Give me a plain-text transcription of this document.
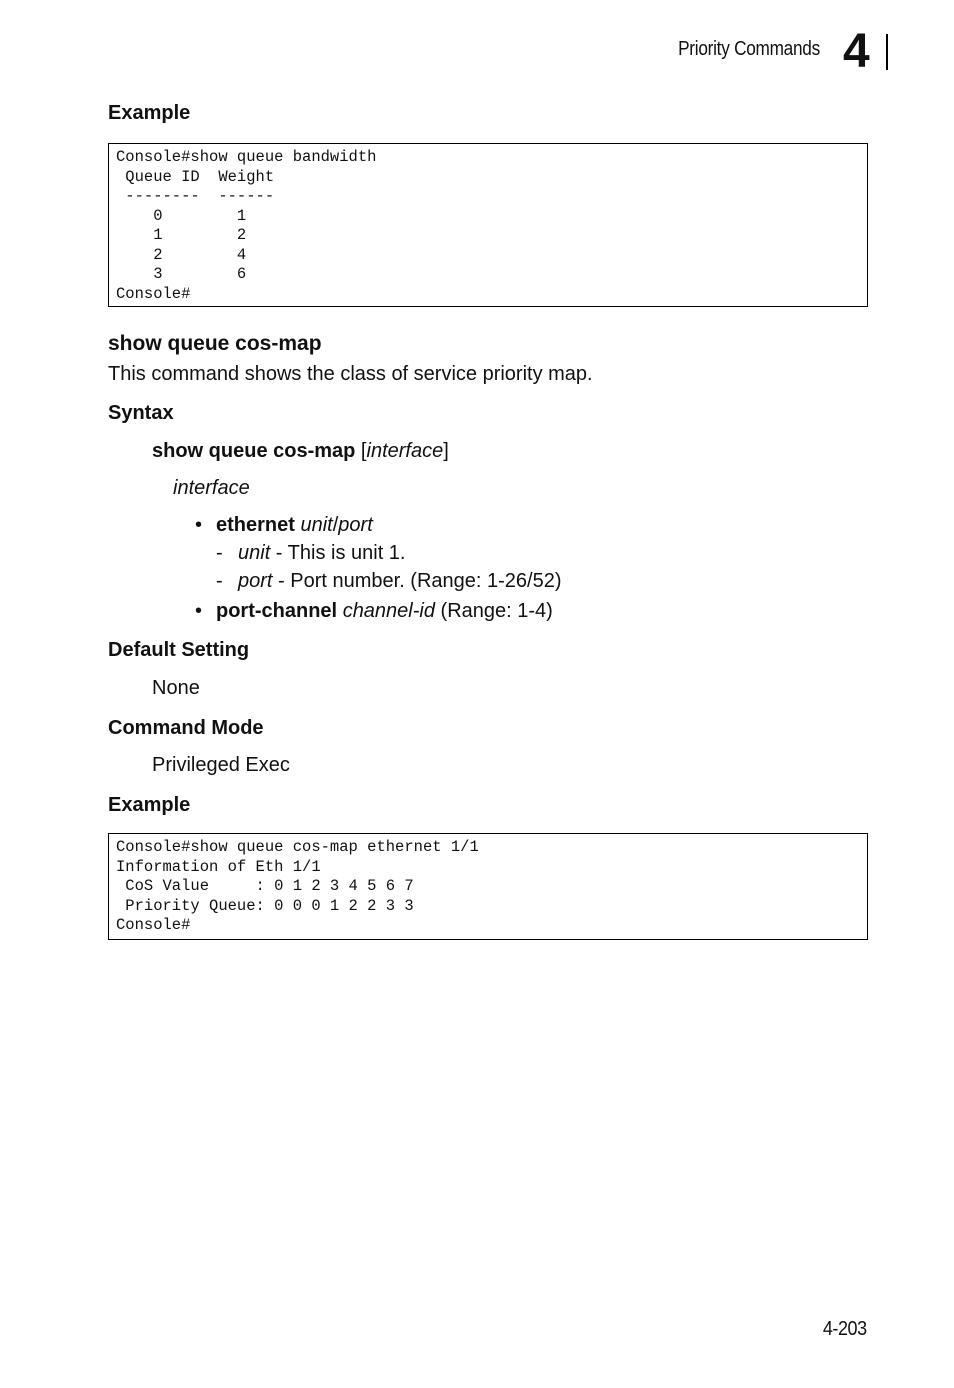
Priority Commands 4
Example
Console#show queue bandwidth
Queue ID  Weight
--------  ------
0        1
1        2
2        4
3        6
Console#
show queue cos-map
This command shows the class of service priority map.
Syntax
show queue cos-map [interface]
interface
• ethernet unit/port
- unit - This is unit 1.
- port - Port number. (Range: 1-26/52)
• port-channel channel-id (Range: 1-4)
Default Setting
None
Command Mode
Privileged Exec
Example
Console#show queue cos-map ethernet 1/1
Information of Eth 1/1
CoS Value     : 0 1 2 3 4 5 6 7
Priority Queue: 0 0 0 1 2 2 3 3
Console#
4-203
